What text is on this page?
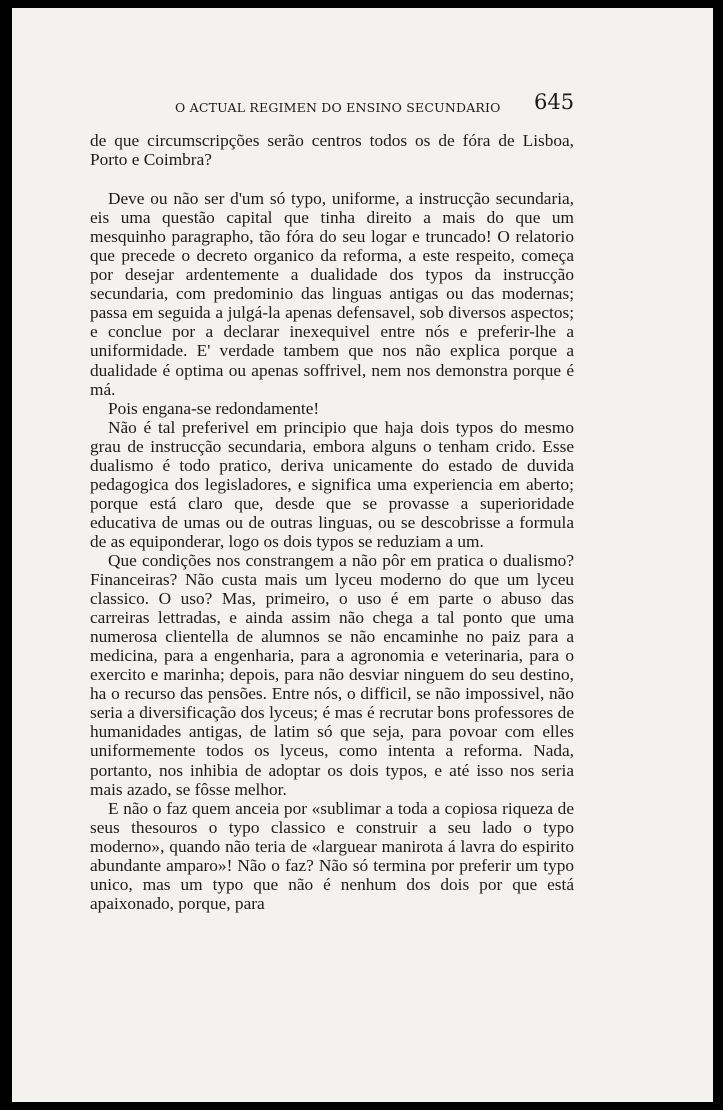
O ACTUAL REGIMEN DO ENSINO SECUNDARIO 645

de que circumscripções serão centros todos os de fóra de Lisboa, Porto e Coimbra?

Deve ou não ser d'um só typo, uniforme, a instrucção secundaria, eis uma questão capital que tinha direito a mais do que um mesquinho paragrapho, tão fóra do seu logar e truncado! O relatorio que precede o decreto organico da reforma, a este respeito, começa por desejar ardentemente a dualidade dos typos da instrucção secundaria, com predominio das linguas antigas ou das modernas; passa em seguida a julgá-la apenas defensavel, sob diversos aspectos; e conclue por a declarar inexequivel entre nós e preferir-lhe a uniformidade. E' verdade tambem que nos não explica porque a dualidade é optima ou apenas soffrivel, nem nos demonstra porque é má.

Pois engana-se redondamente!

Não é tal preferivel em principio que haja dois typos do mesmo grau de instrucção secundaria, embora alguns o tenham crido. Esse dualismo é todo pratico, deriva unicamente do estado de duvida pedagogica dos legisladores, e significa uma experiencia em aberto; porque está claro que, desde que se provasse a superioridade educativa de umas ou de outras linguas, ou se descobrisse a formula de as equiponderar, logo os dois typos se reduziam a um.

Que condições nos constrangem a não pôr em pratica o dualismo? Financeiras? Não custa mais um lyceu moderno do que um lyceu classico. O uso? Mas, primeiro, o uso é em parte o abuso das carreiras lettradas, e ainda assim não chega a tal ponto que uma numerosa clientella de alumnos se não encaminhe no paiz para a medicina, para a engenharia, para a agronomia e veterinaria, para o exercito e marinha; depois, para não desviar ninguem do seu destino, ha o recurso das pensões. Entre nós, o difficil, se não impossivel, não seria a diversificação dos lyceus; é mas é recrutar bons professores de humanidades antigas, de latim só que seja, para povoar com elles uniformemente todos os lyceus, como intenta a reforma. Nada, portanto, nos inhibia de adoptar os dois typos, e até isso nos seria mais azado, se fôsse melhor.

E não o faz quem anceia por «sublimar a toda a copiosa riqueza de seus thesouros o typo classico e construir a seu lado o typo moderno», quando não teria de «larguear manirota á lavra do espirito abundante amparo»! Não o faz? Não só termina por preferir um typo unico, mas um typo que não é nenhum dos dois por que está apaixonado, porque, para
